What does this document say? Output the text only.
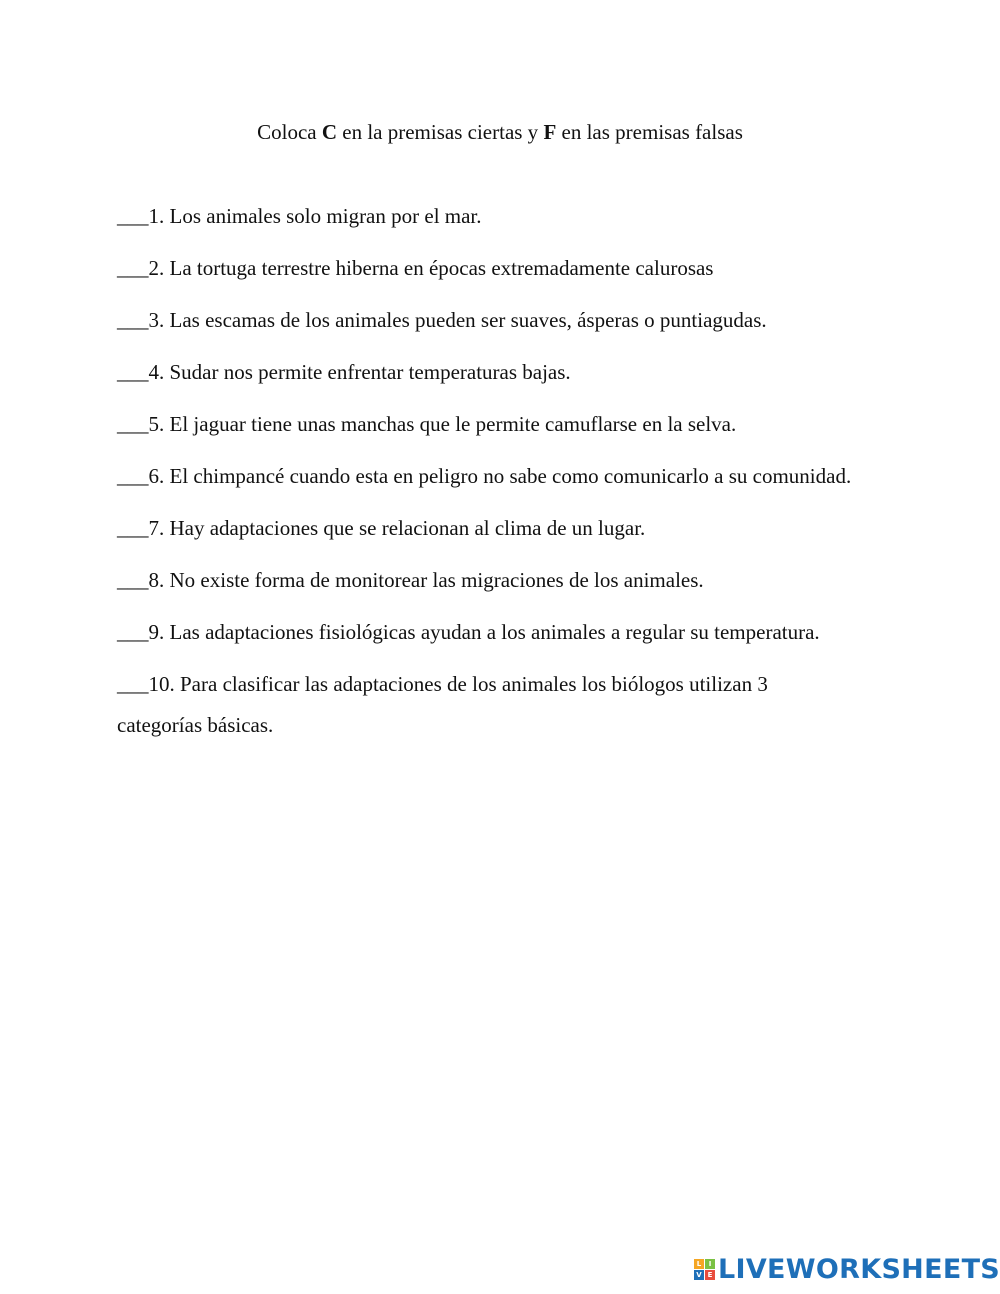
Coloca C en la premisas ciertas y F en las premisas falsas
___1. Los animales solo migran por el mar.
___2. La tortuga terrestre hiberna en épocas extremadamente calurosas
___3. Las escamas de los animales pueden ser suaves, ásperas o puntiagudas.
___4. Sudar nos permite enfrentar temperaturas bajas.
___5. El jaguar tiene unas manchas que le permite camuflarse en la selva.
___6. El chimpancé cuando esta en peligro no sabe como comunicarlo a su comunidad.
___7. Hay adaptaciones que se relacionan al clima de un lugar.
___8. No existe forma de monitorear las migraciones de los animales.
___9. Las adaptaciones fisiológicas ayudan a los animales a regular su temperatura.
___10. Para clasificar las adaptaciones de los animales los biólogos utilizan 3 categorías básicas.
L	I
V E LIVEWORKSHEETS
